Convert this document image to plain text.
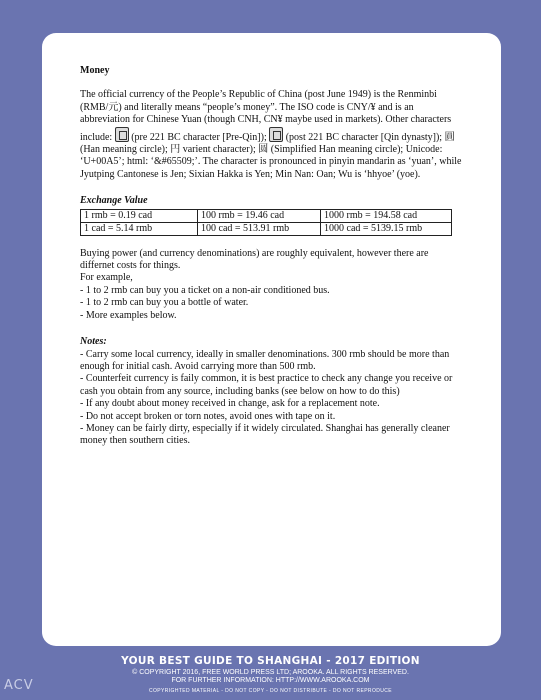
Money

The official currency of the People’s Republic of China (post June 1949) is the Renminbi (RMB/元) and literally means “people’s money”. The ISO code is CNY/¥ and is an abbreviation for Chinese Yuan (though CNH, CN¥ maybe used in markets). Other characters include:  (pre 221 BC character [Pre-Qin]);  (post 221 BC character [Qin dynasty]); 圓 (Han meaning circle); 円 varient character); 圆 (Simplified Han meaning circle); Unicode: ‘U+00A5’; html: ‘&#65509;’. The character is pronounced in pinyin mandarin as ‘yuan’, while Jyutping Cantonese is Jen; Sixian Hakka is Yen; Min Nan: Oan; Wu is ‘hhyoe’ (yoe).

Exchange Value

1 rmb = 0.19 cad	100 rmb = 19.46 cad	1000 rmb = 194.58 cad
1 cad = 5.14 rmb	100 cad = 513.91 rmb	1000 cad = 5139.15 rmb

Buying power (and currency denominations) are roughly equivalent, however there are differnet costs for things.

For example,

- 1 to 2 rmb can buy you a ticket on a non-air conditioned bus.

- 1 to 2 rmb can buy you a bottle of water.

- More examples below.

Notes:

- Carry some local currency, ideally in smaller denominations. 300 rmb should be more than enough for initial cash. Avoid carrying more than 500 rmb.

- Counterfeit currency is faily common, it is best practice to check any change you receive or cash you obtain from any source, including banks (see below on how to do this)

- If any doubt about money received in change, ask for a replacement note.

- Do not accept broken or torn notes, avoid ones with tape on it.

- Money can be fairly dirty, especially if it widely circulated. Shanghai has generally cleaner money then southern cities.

YOUR BEST GUIDE TO SHANGHAI - 2017 EDITION
© COPYRIGHT 2016, FREE WORLD PRESS LTD; AROOKA. ALL RIGHTS RESERVED.
FOR FURTHER INFORMATION: HTTP://WWW.AROOKA.COM
COPYRIGHTED MATERIAL - DO NOT COPY - DO NOT DISTRIBUTE - DO NOT REPRODUCE
ACV
